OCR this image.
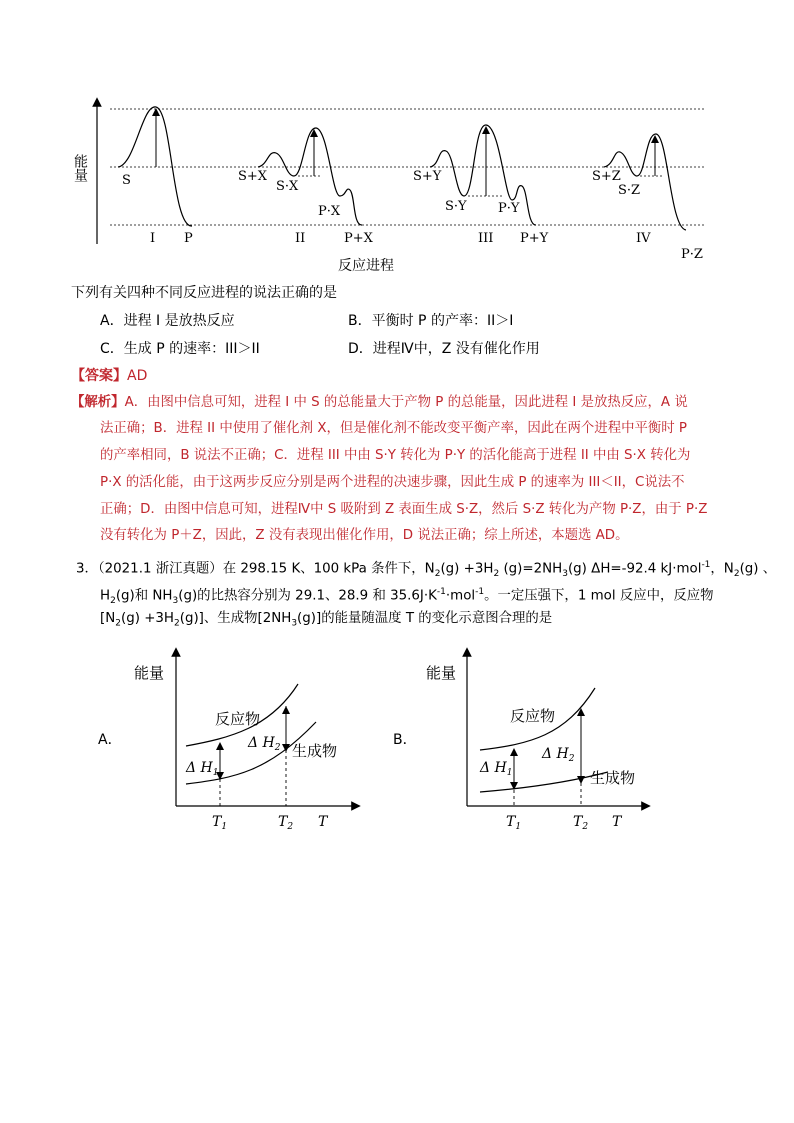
能量	S
P
I
S+X
S·X
P·X
P+X
II
S+Y
S·Y P·Y
P+Y
III
S+Z
S·Z
P·Z
IV
反应进程
下列有关四种不同反应进程的说法正确的是
A．进程 I 是放热反应	B．平衡时 P 的产率：II＞I
C．生成 P 的速率：III＞II	D．进程Ⅳ中，Z 没有催化作用
【答案】AD
【解析】A．由图中信息可知，进程 I 中 S 的总能量大于产物 P 的总能量，因此进程 I 是放热反应，A 说
法正确；B．进程 II 中使用了催化剂 X，但是催化剂不能改变平衡产率，因此在两个进程中平衡时 P
的产率相同，B 说法不正确；C．进程 III 中由 S·Y 转化为 P·Y 的活化能高于进程 II 中由 S·X 转化为
P·X 的活化能，由于这两步反应分别是两个进程的决速步骤，因此生成 P 的速率为 III＜II，C说法不
正确；D．由图中信息可知，进程Ⅳ中 S 吸附到 Z 表面生成 S·Z，然后 S·Z 转化为产物 P·Z，由于 P·Z
没有转化为 P＋Z，因此，Z 没有表现出催化作用，D 说法正确；综上所述，本题选 AD。
3．（2021.1 浙江真题）在 298.15 K、100 kPa 条件下，$N_2(g) +3H_2$ $(g)=2NH_3(g)$ ΔH=-92.4 kJ·mol$^{-1}$，$N_2(g)$ 、
$H_2(g)$和 $NH_3(g)$的比热容分别为 29.1、28.9 和 $35.6J\cdot K^{-1}\cdot mol^{-1}$。一定压强下，1 mol 反应中，反应物
$[N_2(g) +3H_2(g)]$、生成物$[2NH_3(g)]$的能量随温度 T 的变化示意图合理的是
A．
能量
反应物
生成物
Δ $H_1$
Δ $H_2$
$T_1$	$T_2$ T
B．
能量
反应物
生成物
Δ $H_1$
Δ $H_2$
$T_1$	$T_2$ T
